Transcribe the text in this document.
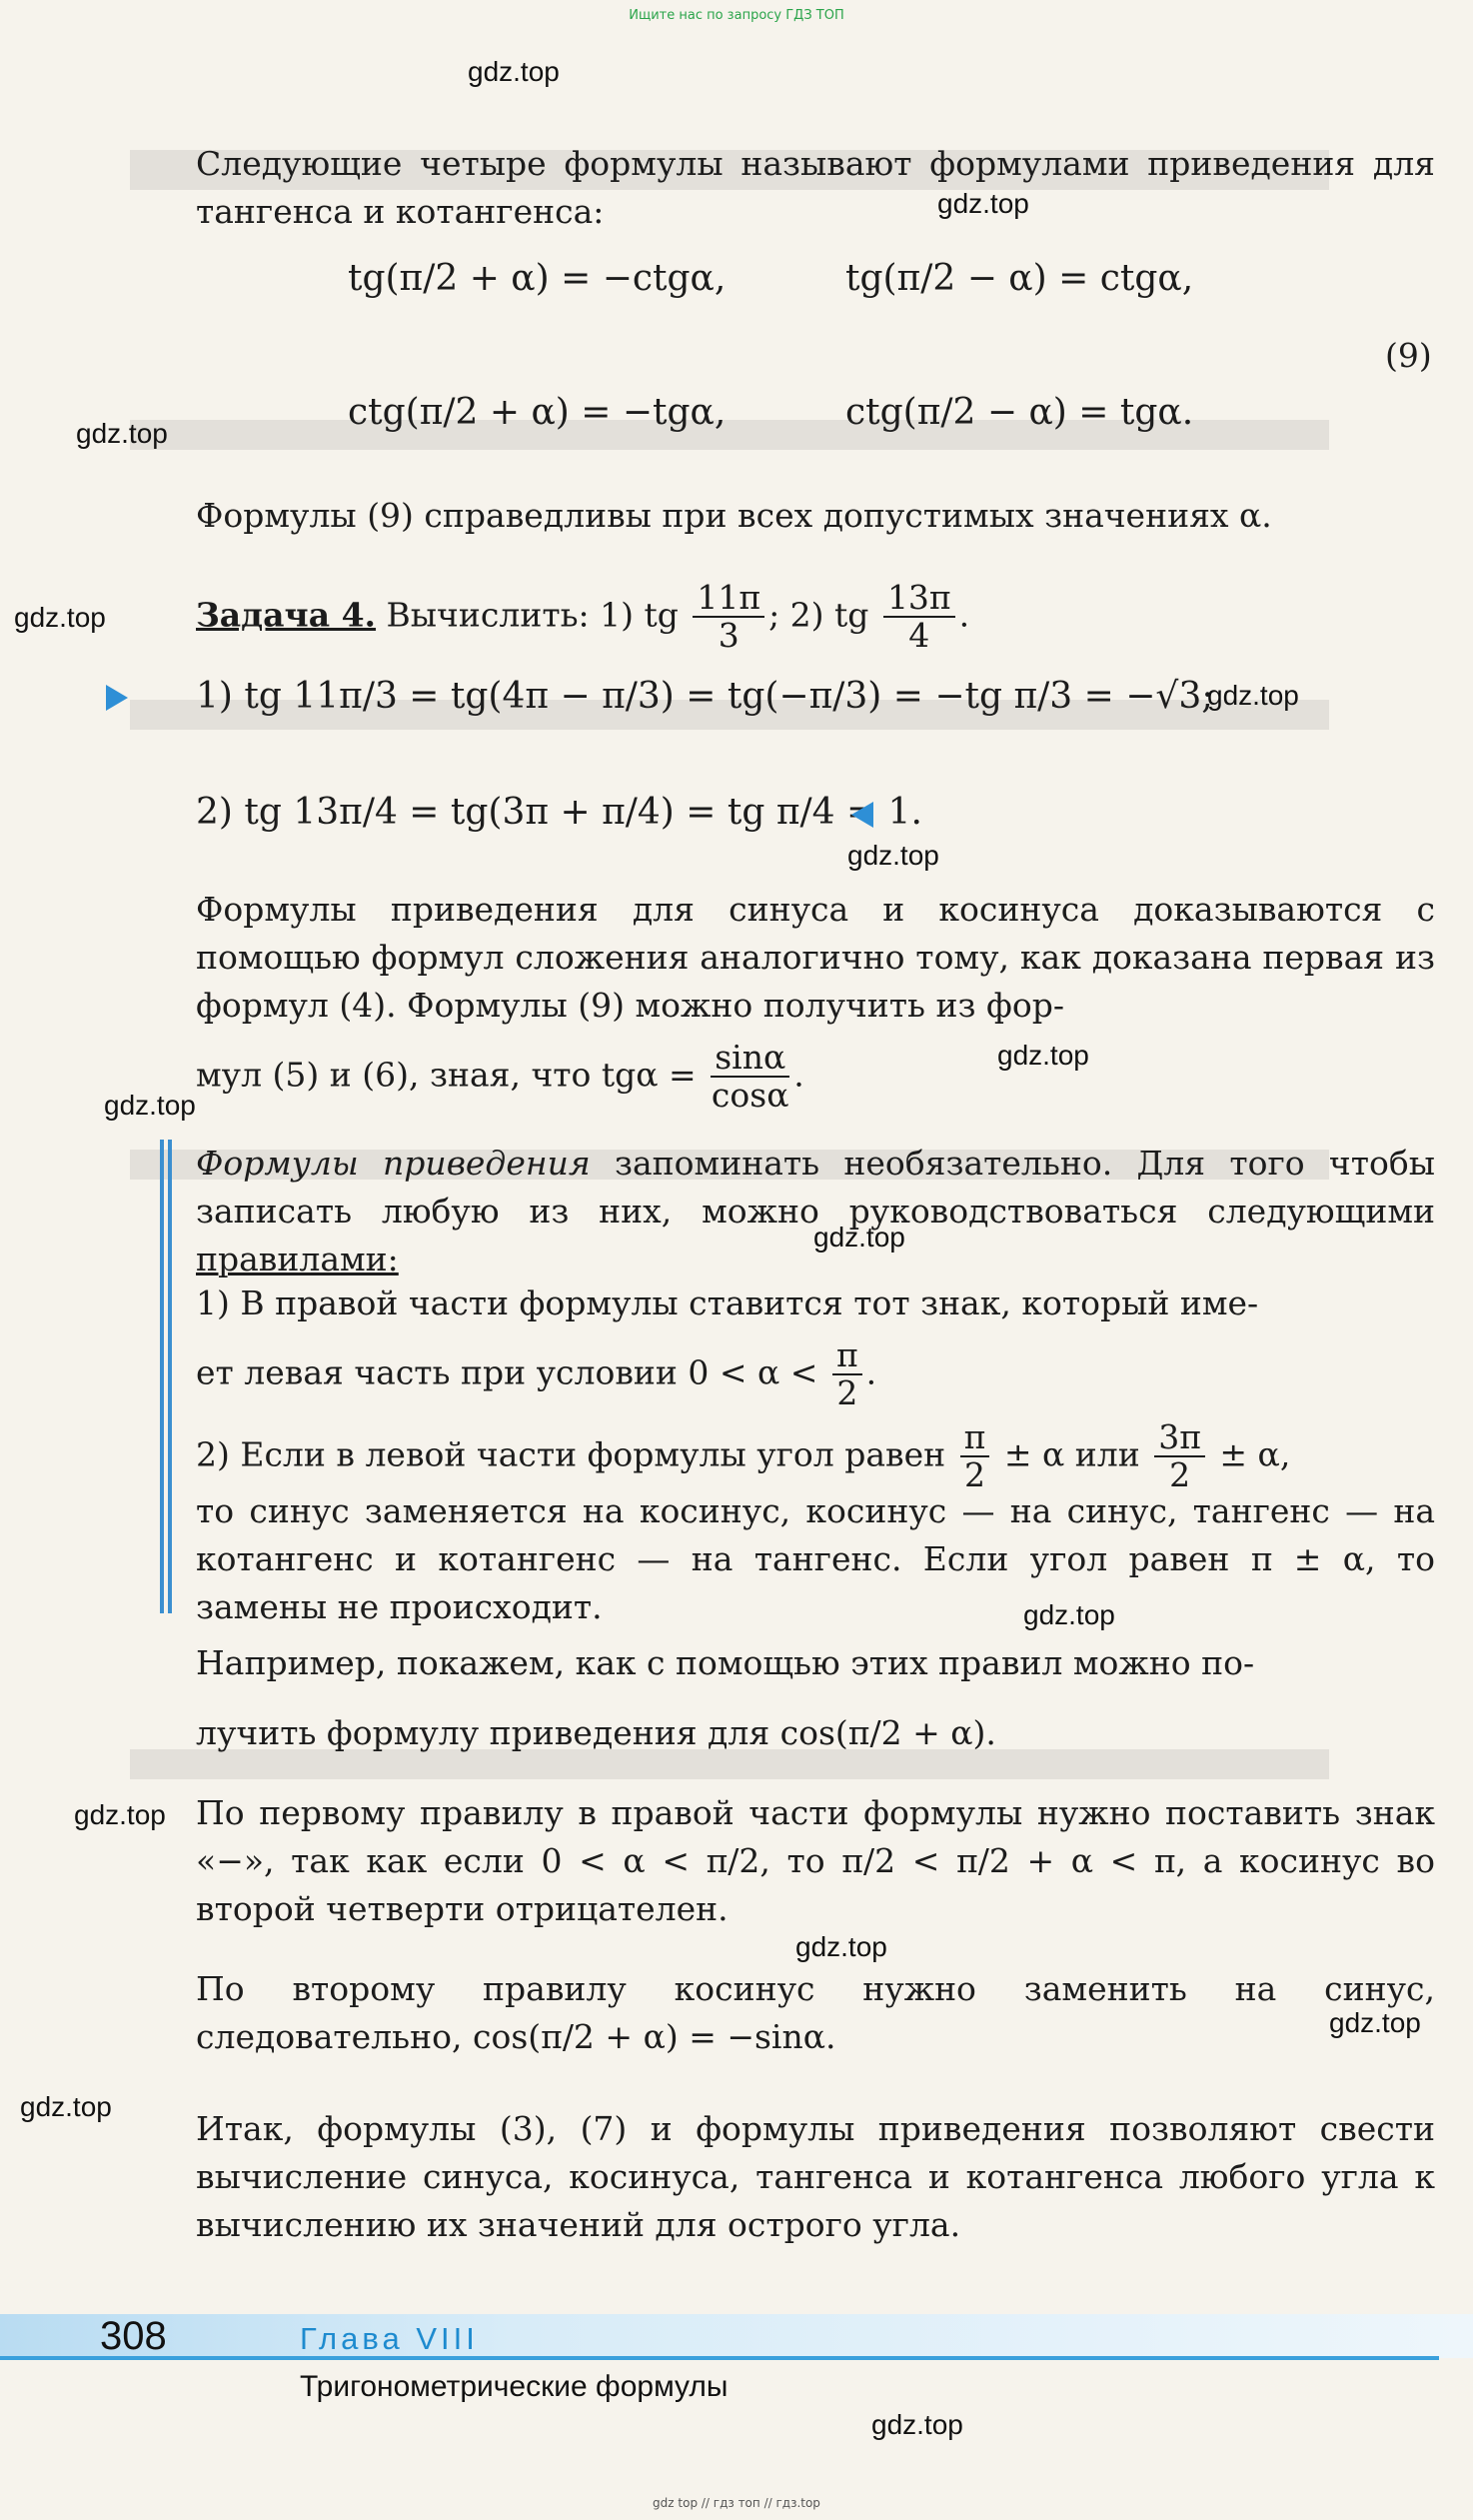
Ищите нас по запросу ГДЗ ТОП
gdz.top
gdz.top
gdz.top
gdz.top
gdz.top
gdz.top
gdz.top
gdz.top
gdz.top
gdz.top
gdz.top
gdz.top
gdz.top
gdz.top
gdz.top
Следующие четыре формулы называют формулами приведения для тангенса и котангенса:
tg(π/2 + α) = −ctgα,	tg(π/2 − α) = ctgα,
ctg(π/2 + α) = −tgα,	ctg(π/2 − α) = tgα.
(9)
Формулы (9) справедливы при всех допустимых значениях α.
Задача 4. Вычислить: 1) tg $\frac{11\pi}{3}$ ; 2) tg $\frac{13\pi}{4}$ .
1) tg 11π/3 = tg(4π − π/3) = tg(−π/3) = −tg π/3 = −√3;
2) tg 13π/4 = tg(3π + π/4) = tg π/4 = 1.
Формулы приведения для синуса и косинуса доказываются с помощью формул сложения аналогично тому, как доказана первая из формул (4). Формулы (9) можно получить из фор-
мул (5) и (6), зная, что $tg\alpha = \frac{\sin\alpha}{\cos\alpha}$ .
Формулы приведения запоминать необязательно. Для того чтобы записать любую из них, можно руководствоваться следующими правилами:
1) В правой части формулы ставится тот знак, который име-
ет левая часть при условии $0 < \alpha < \frac{\pi}{2}$ .
2) Если в левой части формулы угол равен $\frac{\pi}{2} \pm \alpha$ или $\frac{3\pi}{2} \pm \alpha$,
то синус заменяется на косинус, косинус — на синус, тангенс — на котангенс и котангенс — на тангенс. Если угол равен π ± α, то замены не происходит.
Например, покажем, как с помощью этих правил можно по-
лучить формулу приведения для cos(π/2 + α).
По первому правилу в правой части формулы нужно поставить знак «−», так как если 0 < α < π/2, то π/2 < π/2 + α < π, а косинус во второй четверти отрицателен.
По второму правилу косинус нужно заменить на синус, следовательно, cos(π/2 + α) = −sinα.
Итак, формулы (3), (7) и формулы приведения позволяют свести вычисление синуса, косинуса, тангенса и котангенса любого угла к вычислению их значений для острого угла.
308	Глава VIII
Тригонометрические формулы
gdz top // гдз топ // гдз.top
